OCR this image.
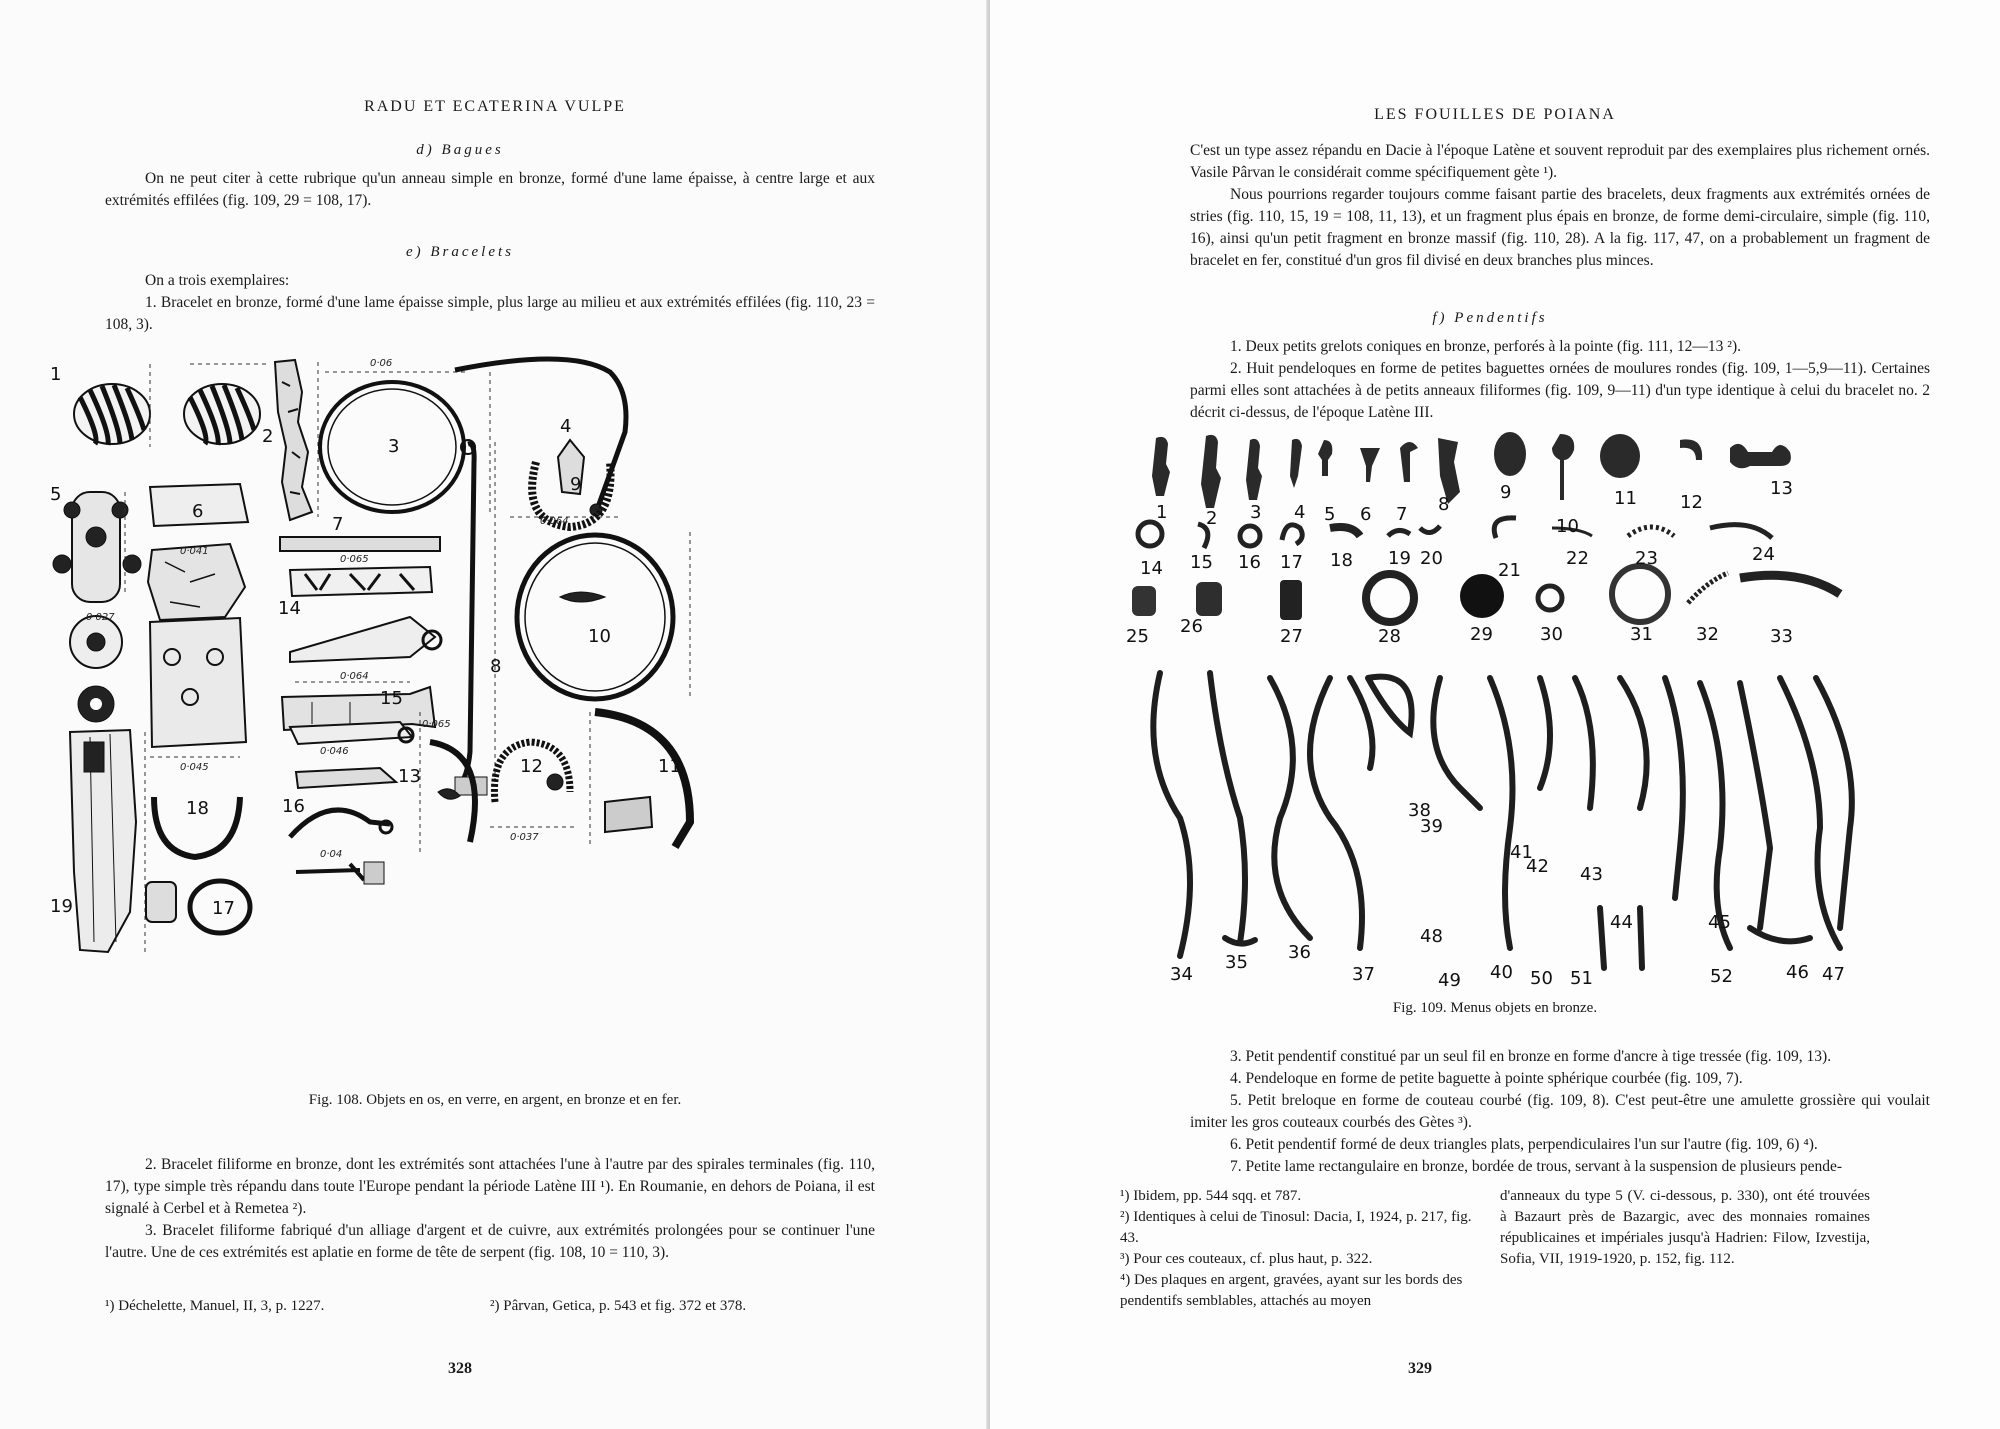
RADU ET ECATERINA VULPE
d) Bagues

On ne peut citer à cette rubrique qu'un anneau simple en bronze, formé d'une lame épaisse, à centre large et aux extrémités effilées (fig. 109, 29 = 108, 17).

e) Bracelets

On a trois exemplaires:

1. Bracelet en bronze, formé d'une lame épaisse simple, plus large au milieu et aux extrémités effilées (fig. 110, 23 = 108, 3).

1
2	3
4
5
6
7
8
9
10
11
12
13
14
15
16
17
18
19
0·06
0·064
0·041
0·027
0·065
0·064
0·045
0·046
0·04
0·037
0·065
Fig. 108. Objets en os, en verre, en argent, en bronze et en fer.

2. Bracelet filiforme en bronze, dont les extrémités sont attachées l'une à l'autre par des spirales terminales (fig. 110, 17), type simple très répandu dans toute l'Europe pendant la période Latène III ¹). En Roumanie, en dehors de Poiana, il est signalé à Cerbel et à Remetea ²).

3. Bracelet filiforme fabriqué d'un alliage d'argent et de cuivre, aux extrémités prolongées pour se continuer l'une l'autre. Une de ces extrémités est aplatie en forme de tête de serpent (fig. 108, 10 = 110, 3).

¹) Déchelette, Manuel, II, 3, p. 1227.	²) Pârvan, Getica, p. 543 et fig. 372 et 378.
328
LES FOUILLES DE POIANA

C'est un type assez répandu en Dacie à l'époque Latène et souvent reproduit par des exemplaires plus richement ornés. Vasile Pârvan le considérait comme spécifiquement gète ¹).

Nous pourrions regarder toujours comme faisant partie des bracelets, deux fragments aux extrémités ornées de stries (fig. 110, 15, 19 = 108, 11, 13), et un fragment plus épais en bronze, de forme demi-circulaire, simple (fig. 110, 16), ainsi qu'un petit fragment en bronze massif (fig. 110, 28). A la fig. 117, 47, on a probablement un fragment de bracelet en fer, constitué d'un gros fil divisé en deux branches plus minces.

f) Pendentifs

1. Deux petits grelots coniques en bronze, perforés à la pointe (fig. 111, 12—13 ²).

2. Huit pendeloques en forme de petites baguettes ornées de moulures rondes (fig. 109, 1—5,9—11). Certaines parmi elles sont attachées à de petits anneaux filiformes (fig. 109, 9—11) d'un type identique à celui du bracelet no. 2 décrit ci-dessus, de l'époque Latène III.

1 2 3 4 5 6 7 8
9
10
11 12
13
14 15 16 17 18 19 20
21
22	23	24
25 26	27	28	29	30	31 32	33
34
35 36
37
38
39
40
41
42 43
44	45
46 47
48
49	50 51	52
Fig. 109. Menus objets en bronze.

3. Petit pendentif constitué par un seul fil en bronze en forme d'ancre à tige tressée (fig. 109, 13).

4. Pendeloque en forme de petite baguette à pointe sphérique courbée (fig. 109, 7).

5. Petit breloque en forme de couteau courbé (fig. 109, 8). C'est peut-être une amulette grossière qui voulait imiter les gros couteaux courbés des Gètes ³).

6. Petit pendentif formé de deux triangles plats, perpendiculaires l'un sur l'autre (fig. 109, 6) ⁴).

7. Petite lame rectangulaire en bronze, bordée de trous, servant à la suspension de plusieurs pende-

¹) Ibidem, pp. 544 sqq. et 787.
²) Identiques à celui de Tinosul: Dacia, I, 1924, p. 217, fig. 43.
³) Pour ces couteaux, cf. plus haut, p. 322.
⁴) Des plaques en argent, gravées, ayant sur les bords des pendentifs semblables, attachés au moyen
d'anneaux du type 5 (V. ci-dessous, p. 330), ont été trouvées à Bazaurt près de Bazargic, avec des monnaies romaines républicaines et impériales jusqu'à Hadrien: Filow, Izvestija, Sofia, VII, 1919-1920, p. 152, fig. 112.
329
